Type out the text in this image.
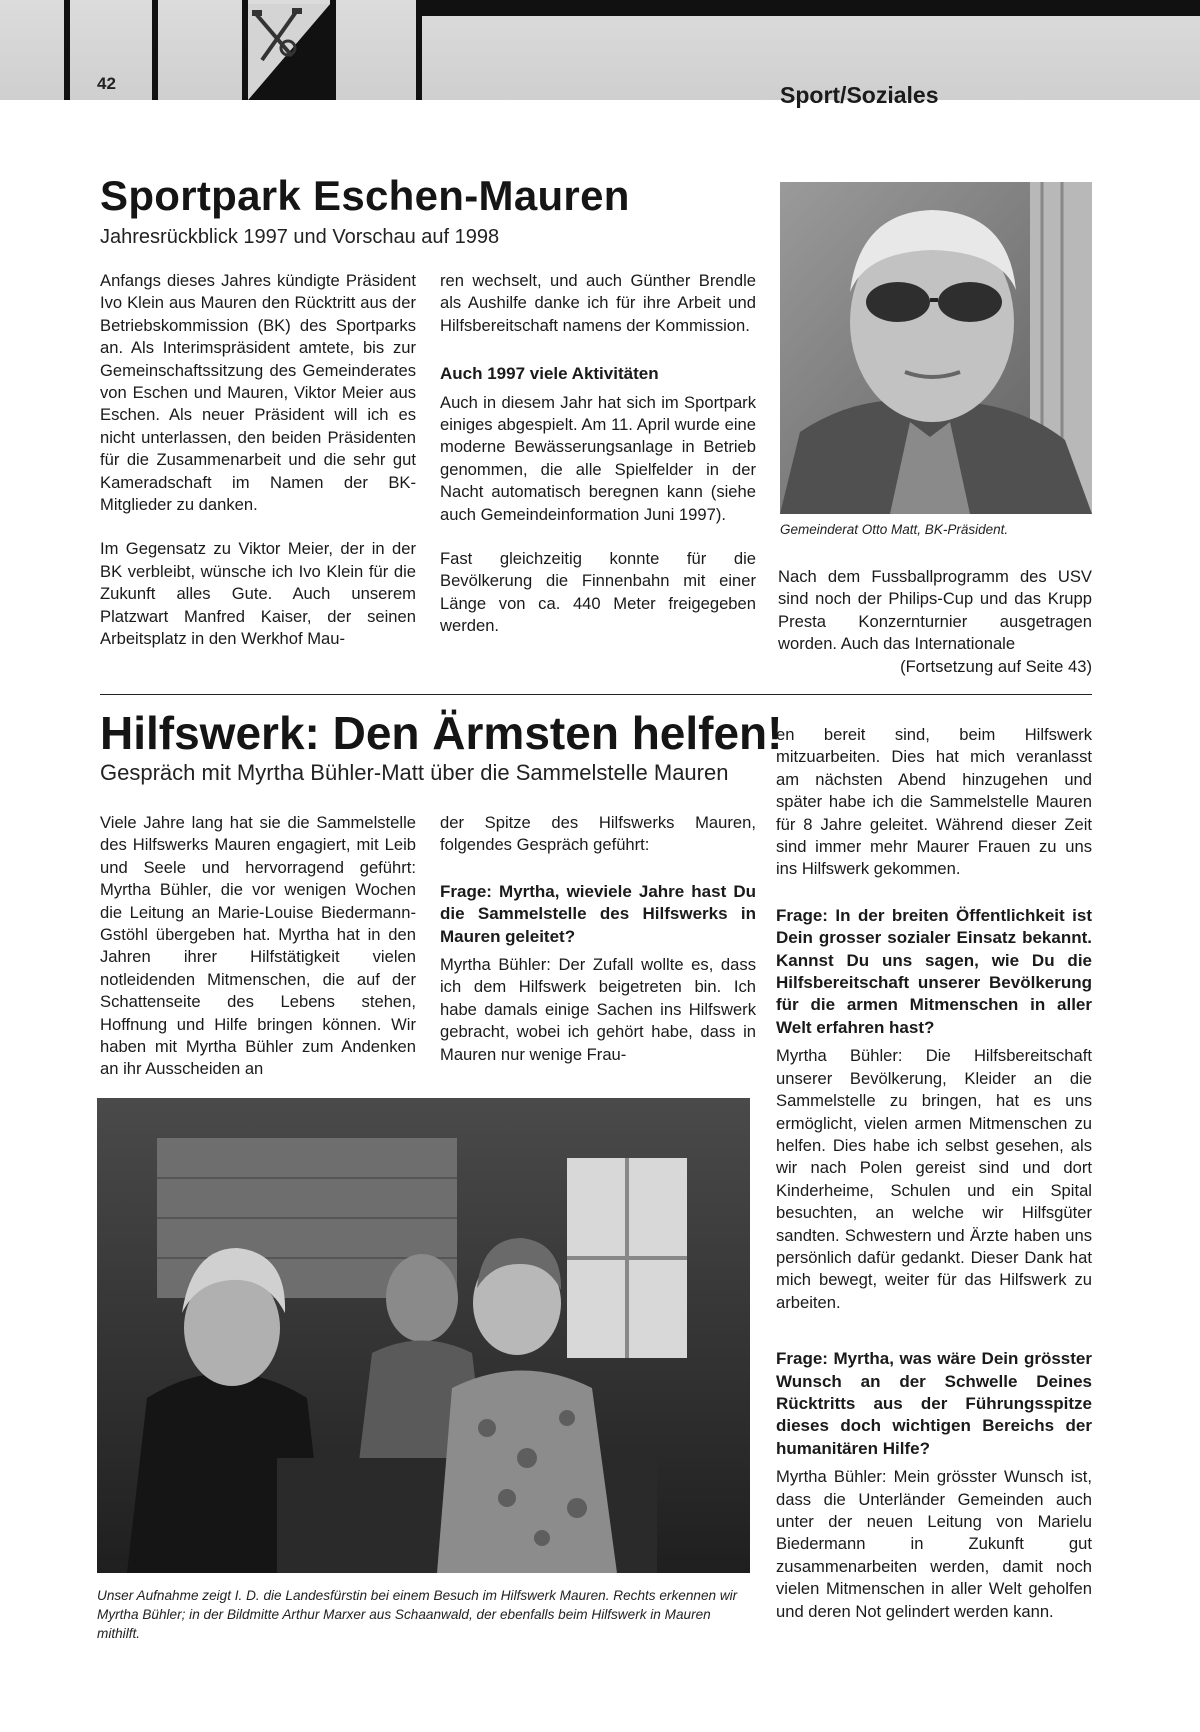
42	Sport/Soziales
Sportpark Eschen-Mauren
Jahresrückblick 1997 und Vorschau auf 1998

Anfangs dieses Jahres kündigte Präsident Ivo Klein aus Mauren den Rücktritt aus der Betriebskommission (BK) des Sportparks an. Als Interimspräsident amtete, bis zur Gemeinschaftssitzung des Gemeinderates von Eschen und Mauren, Viktor Meier aus Eschen. Als neuer Präsident will ich es nicht unterlassen, den beiden Präsidenten für die Zusammenarbeit und die sehr gut Kameradschaft im Namen der BK-Mitglieder zu danken.

Im Gegensatz zu Viktor Meier, der in der BK verbleibt, wünsche ich Ivo Klein für die Zukunft alles Gute. Auch unserem Platzwart Manfred Kaiser, der seinen Arbeitsplatz in den Werkhof Mau-

ren wechselt, und auch Günther Brendle als Aushilfe danke ich für ihre Arbeit und Hilfsbereitschaft namens der Kommission.

Auch 1997 viele Aktivitäten

Auch in diesem Jahr hat sich im Sportpark einiges abgespielt. Am 11. April wurde eine moderne Bewässerungsanlage in Betrieb genommen, die alle Spielfelder in der Nacht automatisch beregnen kann (siehe auch Gemeindeinformation Juni 1997).

Fast gleichzeitig konnte für die Bevölkerung die Finnenbahn mit einer Länge von ca. 440 Meter freigegeben werden.

Gemeinderat Otto Matt, BK-Präsident.

Nach dem Fussballprogramm des USV sind noch der Philips-Cup und das Krupp Presta Konzernturnier ausgetragen worden. Auch das Internationale

(Fortsetzung auf Seite 43)

Hilfswerk: Den Ärmsten helfen!
Gespräch mit Myrtha Bühler-Matt über die Sammelstelle Mauren

Viele Jahre lang hat sie die Sammelstelle des Hilfswerks Mauren engagiert, mit Leib und Seele und hervorragend geführt: Myrtha Bühler, die vor wenigen Wochen die Leitung an Marie-Louise Biedermann-Gstöhl übergeben hat. Myrtha hat in den Jahren ihrer Hilfstätigkeit vielen notleidenden Mitmenschen, die auf der Schattenseite des Lebens stehen, Hoffnung und Hilfe bringen können. Wir haben mit Myrtha Bühler zum Andenken an ihr Ausscheiden an

der Spitze des Hilfswerks Mauren, folgendes Gespräch geführt:

Frage: Myrtha, wieviele Jahre hast Du die Sammelstelle des Hilfswerks in Mauren geleitet?

Myrtha Bühler: Der Zufall wollte es, dass ich dem Hilfswerk beigetreten bin. Ich habe damals einige Sachen ins Hilfswerk gebracht, wobei ich gehört habe, dass in Mauren nur wenige Frau-

en bereit sind, beim Hilfswerk mitzuarbeiten. Dies hat mich veranlasst am nächsten Abend hinzugehen und später habe ich die Sammelstelle Mauren für 8 Jahre geleitet. Während dieser Zeit sind immer mehr Maurer Frauen zu uns ins Hilfswerk gekommen.

Frage: In der breiten Öffentlichkeit ist Dein grosser sozialer Einsatz bekannt. Kannst Du uns sagen, wie Du die Hilfsbereitschaft unserer Bevölkerung für die armen Mitmenschen in aller Welt erfahren hast?

Myrtha Bühler: Die Hilfsbereitschaft unserer Bevölkerung, Kleider an die Sammelstelle zu bringen, hat es uns ermöglicht, vielen armen Mitmenschen zu helfen. Dies habe ich selbst gesehen, als wir nach Polen gereist sind und dort Kinderheime, Schulen und ein Spital besuchten, an welche wir Hilfsgüter sandten. Schwestern und Ärzte haben uns persönlich dafür gedankt. Dieser Dank hat mich bewegt, weiter für das Hilfswerk zu arbeiten.

Frage: Myrtha, was wäre Dein grösster Wunsch an der Schwelle Deines Rücktritts aus der Führungsspitze dieses doch wichtigen Bereichs der humanitären Hilfe?

Myrtha Bühler: Mein grösster Wunsch ist, dass die Unterländer Gemeinden auch unter der neuen Leitung von Marielu Biedermann in Zukunft gut zusammenarbeiten werden, damit noch vielen Mitmenschen in aller Welt geholfen und deren Not gelindert werden kann.

Unser Aufnahme zeigt I. D. die Landesfürstin bei einem Besuch im Hilfswerk Mauren. Rechts erkennen wir Myrtha Bühler; in der Bildmitte Arthur Marxer aus Schaanwald, der ebenfalls beim Hilfswerk in Mauren mithilft.
